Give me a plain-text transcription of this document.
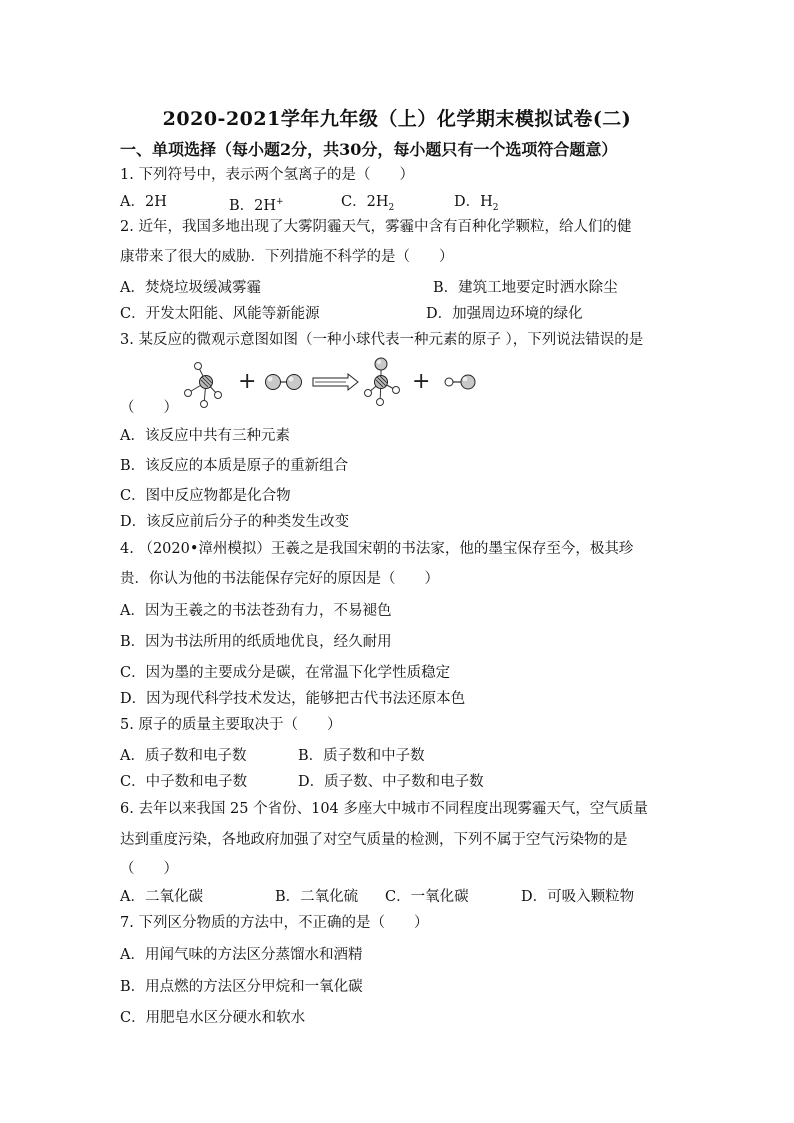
2020-2021学年九年级（上）化学期末模拟试卷(二)
一、单项选择（每小题2分，共30分，每小题只有一个选项符合题意）
1. 下列符号中，表示两个氢离子的是（　　）
A．2H	B．2H+	C．$2H_2$	D．$H_2$
2. 近年，我国多地出现了大雾阴霾天气，雾霾中含有百种化学颗粒，给人们的健
康带来了很大的威胁．下列措施不科学的是（　　）
A．焚烧垃圾缓减雾霾	B．建筑工地要定时洒水除尘
C．开发太阳能、风能等新能源	D．加强周边环境的绿化
3. 某反应的微观示意图如图（一种小球代表一种元素的原子 ），下列说法错误的是
+	+
（　　）
A．该反应中共有三种元素
B．该反应的本质是原子的重新组合
C．图中反应物都是化合物
D．该反应前后分子的种类发生改变
4. （2020•漳州模拟）王羲之是我国宋朝的书法家，他的墨宝保存至今，极其珍
贵．你认为他的书法能保存完好的原因是（　　）
A．因为王羲之的书法苍劲有力，不易褪色
B．因为书法所用的纸质地优良，经久耐用
C．因为墨的主要成分是碳，在常温下化学性质稳定
D．因为现代科学技术发达，能够把古代书法还原本色
5. 原子的质量主要取决于（　　）
A．质子数和电子数	B．质子数和中子数
C．中子数和电子数	D．质子数、中子数和电子数
6. 去年以来我国 25 个省份、104 多座大中城市不同程度出现雾霾天气，空气质量
达到重度污染，各地政府加强了对空气质量的检测，下列不属于空气污染物的是
（　　）
A．二氧化碳	B．二氧化硫 C．一氧化碳	D．可吸入颗粒物
7. 下列区分物质的方法中，不正确的是（　　）
A．用闻气味的方法区分蒸馏水和酒精
B．用点燃的方法区分甲烷和一氧化碳
C．用肥皂水区分硬水和软水
